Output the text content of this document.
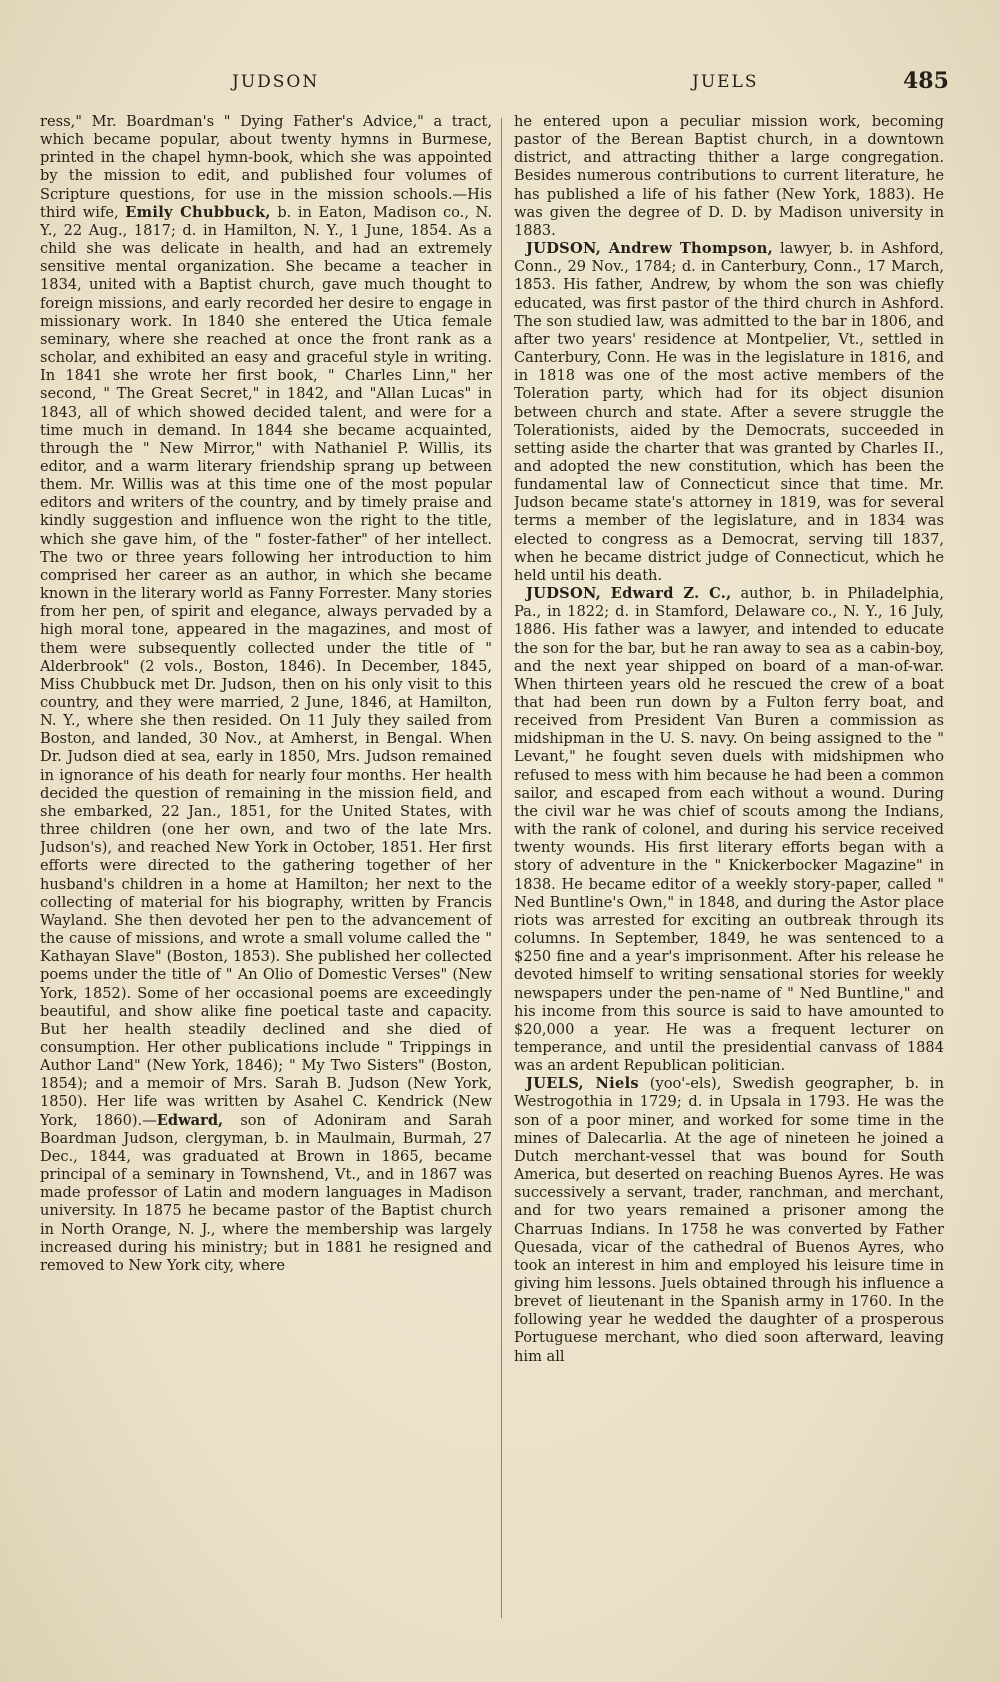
JUDSON	JUELS	485

ress," Mr. Boardman's " Dying Father's Advice," a tract, which became popular, about twenty hymns in Burmese, printed in the chapel hymn-book, which she was appointed by the mission to edit, and published four volumes of Scripture questions, for use in the mission schools.—His third wife, Emily Chubbuck, b. in Eaton, Madison co., N. Y., 22 Aug., 1817; d. in Hamilton, N. Y., 1 June, 1854. As a child she was delicate in health, and had an extremely sensitive mental organization. She became a teacher in 1834, united with a Baptist church, gave much thought to foreign missions, and early recorded her desire to engage in missionary work. In 1840 she entered the Utica female seminary, where she reached at once the front rank as a scholar, and exhibited an easy and graceful style in writing. In 1841 she wrote her first book, " Charles Linn," her second, " The Great Secret," in 1842, and "Allan Lucas" in 1843, all of which showed decided talent, and were for a time much in demand. In 1844 she became acquainted, through the " New Mirror," with Nathaniel P. Willis, its editor, and a warm literary friendship sprang up between them. Mr. Willis was at this time one of the most popular editors and writers of the country, and by timely praise and kindly suggestion and influence won the right to the title, which she gave him, of the " foster-father" of her intellect. The two or three years following her introduction to him comprised her career as an author, in which she became known in the literary world as Fanny Forrester. Many stories from her pen, of spirit and elegance, always pervaded by a high moral tone, appeared in the magazines, and most of them were subsequently collected under the title of " Alderbrook" (2 vols., Boston, 1846). In December, 1845, Miss Chubbuck met Dr. Judson, then on his only visit to this country, and they were married, 2 June, 1846, at Hamilton, N. Y., where she then resided. On 11 July they sailed from Boston, and landed, 30 Nov., at Amherst, in Bengal. When Dr. Judson died at sea, early in 1850, Mrs. Judson remained in ignorance of his death for nearly four months. Her health decided the question of remaining in the mission field, and she embarked, 22 Jan., 1851, for the United States, with three children (one her own, and two of the late Mrs. Judson's), and reached New York in October, 1851. Her first efforts were directed to the gathering together of her husband's children in a home at Hamilton; her next to the collecting of material for his biography, written by Francis Wayland. She then devoted her pen to the advancement of the cause of missions, and wrote a small volume called the " Kathayan Slave" (Boston, 1853). She published her collected poems under the title of " An Olio of Domestic Verses" (New York, 1852). Some of her occasional poems are exceedingly beautiful, and show alike fine poetical taste and capacity. But her health steadily declined and she died of consumption. Her other publications include " Trippings in Author Land" (New York, 1846); " My Two Sisters" (Boston, 1854); and a memoir of Mrs. Sarah B. Judson (New York, 1850). Her life was written by Asahel C. Kendrick (New York, 1860).—Edward, son of Adoniram and Sarah Boardman Judson, clergyman, b. in Maulmain, Burmah, 27 Dec., 1844, was graduated at Brown in 1865, became principal of a seminary in Townshend, Vt., and in 1867 was made professor of Latin and modern languages in Madison university. In 1875 he became pastor of the Baptist church in North Orange, N. J., where the membership was largely increased during his ministry; but in 1881 he resigned and removed to New York city, where

he entered upon a peculiar mission work, becoming pastor of the Berean Baptist church, in a downtown district, and attracting thither a large congregation. Besides numerous contributions to current literature, he has published a life of his father (New York, 1883). He was given the degree of D. D. by Madison university in 1883.

JUDSON, Andrew Thompson, lawyer, b. in Ashford, Conn., 29 Nov., 1784; d. in Canterbury, Conn., 17 March, 1853. His father, Andrew, by whom the son was chiefly educated, was first pastor of the third church in Ashford. The son studied law, was admitted to the bar in 1806, and after two years' residence at Montpelier, Vt., settled in Canterbury, Conn. He was in the legislature in 1816, and in 1818 was one of the most active members of the Toleration party, which had for its object disunion between church and state. After a severe struggle the Tolerationists, aided by the Democrats, succeeded in setting aside the charter that was granted by Charles II., and adopted the new constitution, which has been the fundamental law of Connecticut since that time. Mr. Judson became state's attorney in 1819, was for several terms a member of the legislature, and in 1834 was elected to congress as a Democrat, serving till 1837, when he became district judge of Connecticut, which he held until his death.

JUDSON, Edward Z. C., author, b. in Philadelphia, Pa., in 1822; d. in Stamford, Delaware co., N. Y., 16 July, 1886. His father was a lawyer, and intended to educate the son for the bar, but he ran away to sea as a cabin-boy, and the next year shipped on board of a man-of-war. When thirteen years old he rescued the crew of a boat that had been run down by a Fulton ferry boat, and received from President Van Buren a commission as midshipman in the U. S. navy. On being assigned to the " Levant," he fought seven duels with midshipmen who refused to mess with him because he had been a common sailor, and escaped from each without a wound. During the civil war he was chief of scouts among the Indians, with the rank of colonel, and during his service received twenty wounds. His first literary efforts began with a story of adventure in the " Knickerbocker Magazine" in 1838. He became editor of a weekly story-paper, called " Ned Buntline's Own," in 1848, and during the Astor place riots was arrested for exciting an outbreak through its columns. In September, 1849, he was sentenced to a $250 fine and a year's imprisonment. After his release he devoted himself to writing sensational stories for weekly newspapers under the pen-name of " Ned Buntline," and his income from this source is said to have amounted to $20,000 a year. He was a frequent lecturer on temperance, and until the presidential canvass of 1884 was an ardent Republican politician.

JUELS, Niels (yoo'-els), Swedish geographer, b. in Westrogothia in 1729; d. in Upsala in 1793. He was the son of a poor miner, and worked for some time in the mines of Dalecarlia. At the age of nineteen he joined a Dutch merchant-vessel that was bound for South America, but deserted on reaching Buenos Ayres. He was successively a servant, trader, ranchman, and merchant, and for two years remained a prisoner among the Charruas Indians. In 1758 he was converted by Father Quesada, vicar of the cathedral of Buenos Ayres, who took an interest in him and employed his leisure time in giving him lessons. Juels obtained through his influence a brevet of lieutenant in the Spanish army in 1760. In the following year he wedded the daughter of a prosperous Portuguese merchant, who died soon afterward, leaving him all
